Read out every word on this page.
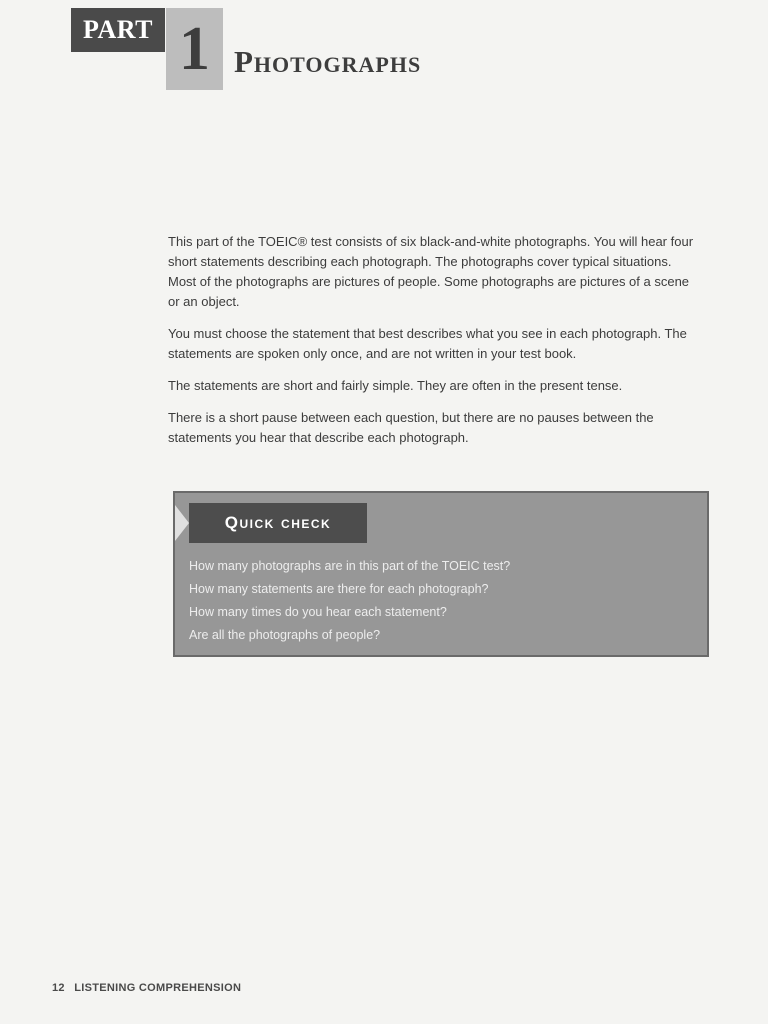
PART 1 Photographs

This part of the TOEIC® test consists of six black-and-white photographs. You will hear four short statements describing each photograph. The photographs cover typical situations. Most of the photographs are pictures of people. Some photographs are pictures of a scene or an object.

You must choose the statement that best describes what you see in each photograph. The statements are spoken only once, and are not written in your test book.

The statements are short and fairly simple. They are often in the present tense.

There is a short pause between each question, but there are no pauses between the statements you hear that describe each photograph.

Quick check
How many photographs are in this part of the TOEIC test?
How many statements are there for each photograph?
How many times do you hear each statement?
Are all the photographs of people?
12 LISTENING COMPREHENSION
